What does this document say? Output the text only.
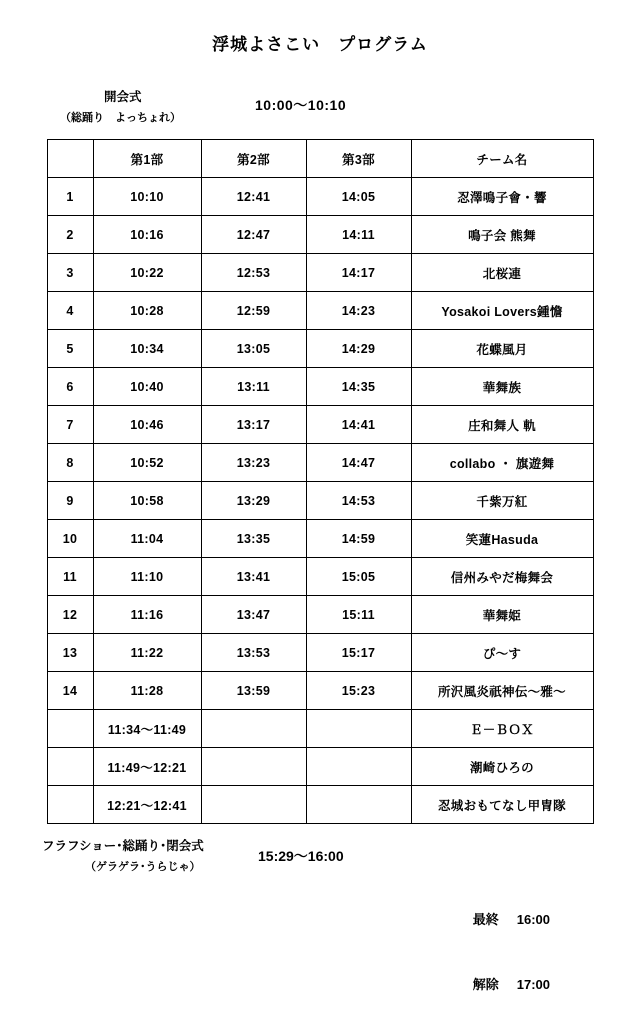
浮城よさこい　プログラム
開会式
（総踊り　よっちょれ）
10:00～10:10
	第1部	第2部	第3部	チーム名
1	10:10	12:41	14:05	忍澤鳴子會・響
2	10:16	12:47	14:11	鳴子会 熊舞
3	10:22	12:53	14:17	北桜連
4	10:28	12:59	14:23	Yosakoi Lovers鍾憺
5	10:34	13:05	14:29	花蝶風月
6	10:40	13:11	14:35	華舞族
7	10:46	13:17	14:41	庄和舞人 軌
8	10:52	13:23	14:47	collabo ・ 旗遊舞
9	10:58	13:29	14:53	千紫万紅
10	11:04	13:35	14:59	笑蓮Hasuda
11	11:10	13:41	15:05	信州みやだ梅舞会
12	11:16	13:47	15:11	華舞姫
13	11:22	13:53	15:17	ぴ～す
14	11:28	13:59	15:23	所沢風炎祇神伝～雅～
	11:34～11:49			Ｅ－ＢＯＸ
	11:49～12:21			潮崎ひろの
	12:21～12:41			忍城おもてなし甲冑隊
フラフショー･総踊り･閉会式
（ゲラゲラ･うらじゃ）
15:29～16:00

最終 16:00

解除 17:00
